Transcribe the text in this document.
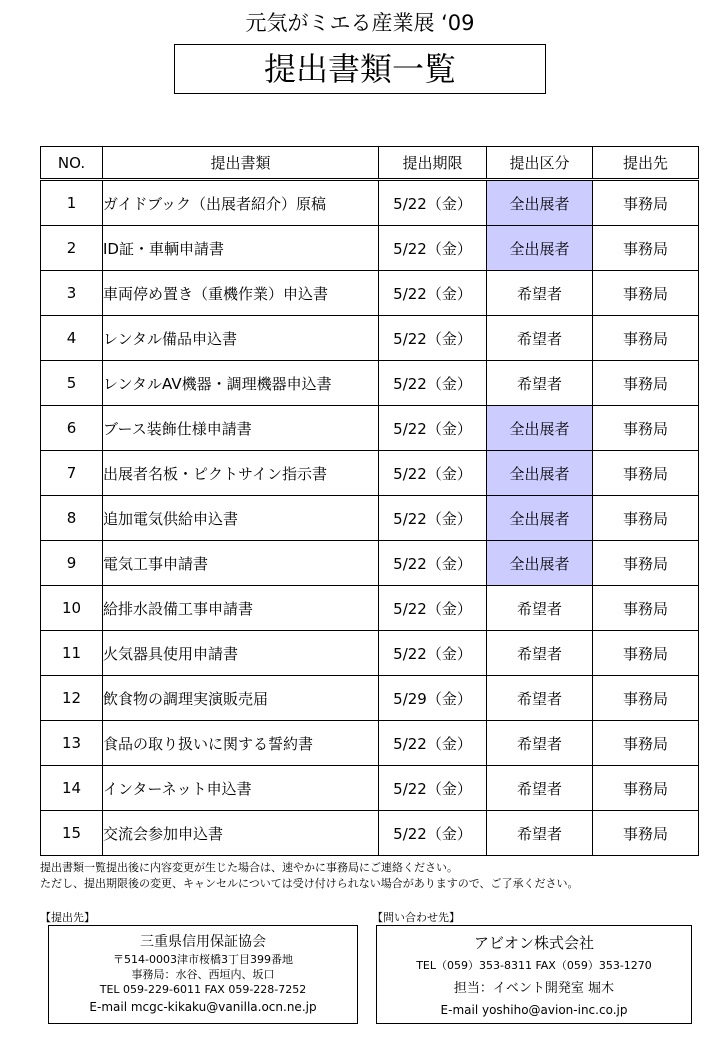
元気がミエる産業展 ‘09
提出書類一覧
NO.	提出書類	提出期限	提出区分	提出先
1	ガイドブック（出展者紹介）原稿	5/22（金）	全出展者	事務局
2	ID証・車輌申請書	5/22（金）	全出展者	事務局
3	車両停め置き（重機作業）申込書	5/22（金）	希望者	事務局
4	レンタル備品申込書	5/22（金）	希望者	事務局
5	レンタルAV機器・調理機器申込書	5/22（金）	希望者	事務局
6	ブース装飾仕様申請書	5/22（金）	全出展者	事務局
7	出展者名板・ピクトサイン指示書	5/22（金）	全出展者	事務局
8	追加電気供給申込書	5/22（金）	全出展者	事務局
9	電気工事申請書	5/22（金）	全出展者	事務局
10	給排水設備工事申請書	5/22（金）	希望者	事務局
11	火気器具使用申請書	5/22（金）	希望者	事務局
12	飲食物の調理実演販売届	5/29（金）	希望者	事務局
13	食品の取り扱いに関する誓約書	5/22（金）	希望者	事務局
14	インターネット申込書	5/22（金）	希望者	事務局
15	交流会参加申込書	5/22（金）	希望者	事務局
提出書類一覧提出後に内容変更が生じた場合は、速やかに事務局にご連絡ください。
ただし、提出期限後の変更、キャンセルについては受け付けられない場合がありますので、ご了承ください。
【提出先】	【問い合わせ先】
三重県信用保証協会
〒514-0003津市桜橋3丁目399番地
事務局：水谷、西垣内、坂口
TEL 059-229-6011 FAX 059-228-7252
E-mail mcgc-kikaku@vanilla.ocn.ne.jp
アビオン株式会社
TEL（059）353-8311 FAX（059）353-1270
担当：イベント開発室 堀木
E-mail yoshiho@avion-inc.co.jp
